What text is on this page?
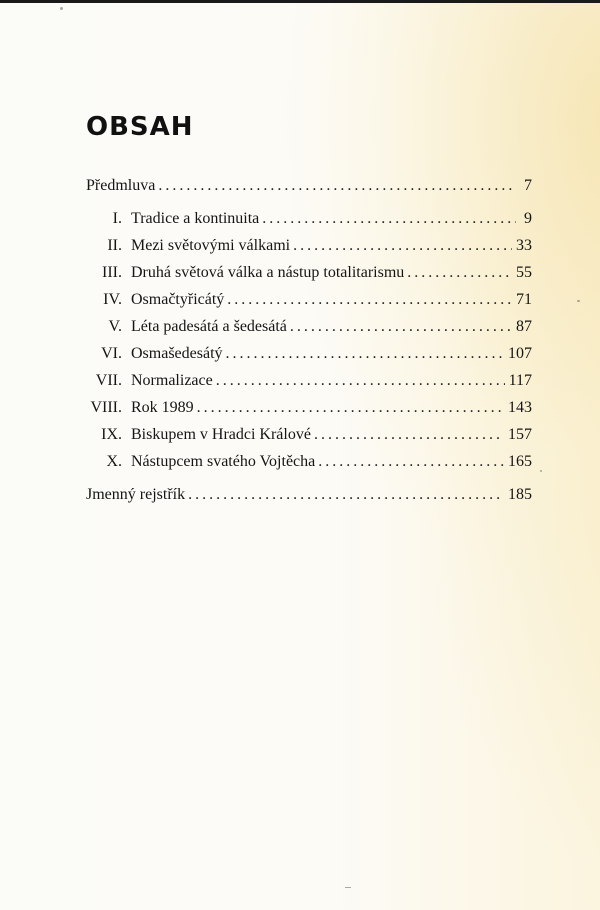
OBSAH
Předmluva . . .	7
I. Tradice a kontinuita . . .	9
II. Mezi světovými válkami . . .	33
III. Druhá světová válka a nástup totalitarismu . . .	55
IV. Osmačtyřicátý . . .	71
V. Léta padesátá a šedesátá . . .	87
VI. Osmašedesátý . . .	107
VII. Normalizace . . .	117
VIII. Rok 1989 . . .	143
IX. Biskupem v Hradci Králové . . .	157
X. Nástupcem svatého Vojtěcha . . .	165
Jmenný rejstřík . . .	185
